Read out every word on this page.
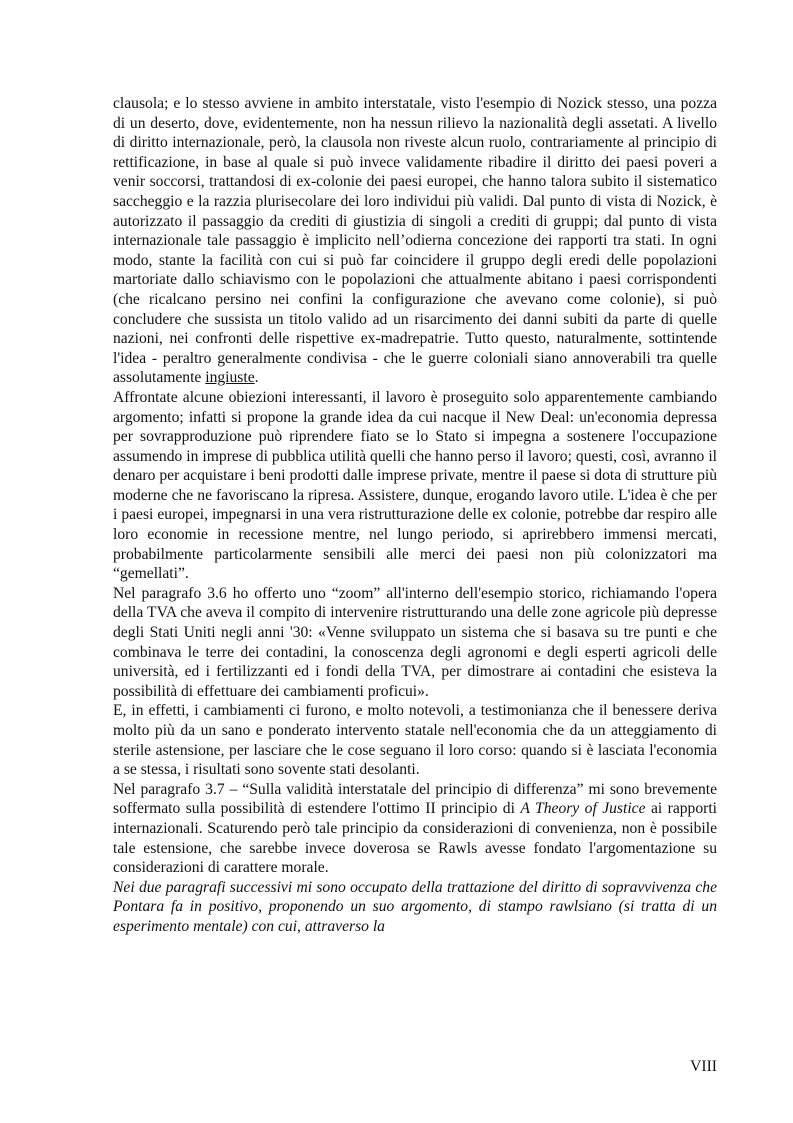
clausola; e lo stesso avviene in ambito interstatale, visto l'esempio di Nozick stesso, una pozza di un deserto, dove, evidentemente, non ha nessun rilievo la nazionalità degli assetati. A livello di diritto internazionale, però, la clausola non riveste alcun ruolo, contrariamente al principio di rettificazione, in base al quale si può invece validamente ribadire il diritto dei paesi poveri a venir soccorsi, trattandosi di ex-colonie dei paesi europei, che hanno talora subito il sistematico saccheggio e la razzia plurisecolare dei loro individui più validi. Dal punto di vista di Nozick, è autorizzato il passaggio da crediti di giustizia di singoli a crediti di gruppi; dal punto di vista internazionale tale passaggio è implicito nell’odierna concezione dei rapporti tra stati. In ogni modo, stante la facilità con cui si può far coincidere il gruppo degli eredi delle popolazioni martoriate dallo schiavismo con le popolazioni che attualmente abitano i paesi corrispondenti (che ricalcano persino nei confini la configurazione che avevano come colonie), si può concludere che sussista un titolo valido ad un risarcimento dei danni subiti da parte di quelle nazioni, nei confronti delle rispettive ex-madrepatrie. Tutto questo, naturalmente, sottintende l'idea - peraltro generalmente condivisa - che le guerre coloniali siano annoverabili tra quelle assolutamente ingiuste.

Affrontate alcune obiezioni interessanti, il lavoro è proseguito solo apparentemente cambiando argomento; infatti si propone la grande idea da cui nacque il New Deal: un'economia depressa per sovrapproduzione può riprendere fiato se lo Stato si impegna a sostenere l'occupazione assumendo in imprese di pubblica utilità quelli che hanno perso il lavoro; questi, così, avranno il denaro per acquistare i beni prodotti dalle imprese private, mentre il paese si dota di strutture più moderne che ne favoriscano la ripresa. Assistere, dunque, erogando lavoro utile. L'idea è che per i paesi europei, impegnarsi in una vera ristrutturazione delle ex colonie, potrebbe dar respiro alle loro economie in recessione mentre, nel lungo periodo, si aprirebbero immensi mercati, probabilmente particolarmente sensibili alle merci dei paesi non più colonizzatori ma “gemellati”.

Nel paragrafo 3.6 ho offerto uno “zoom” all'interno dell'esempio storico, richiamando l'opera della TVA che aveva il compito di intervenire ristrutturando una delle zone agricole più depresse degli Stati Uniti negli anni '30: «Venne sviluppato un sistema che si basava su tre punti e che combinava le terre dei contadini, la conoscenza degli agronomi e degli esperti agricoli delle università, ed i fertilizzanti ed i fondi della TVA, per dimostrare ai contadini che esisteva la possibilità di effettuare dei cambiamenti proficui».

E, in effetti, i cambiamenti ci furono, e molto notevoli, a testimonianza che il benessere deriva molto più da un sano e ponderato intervento statale nell'economia che da un atteggiamento di sterile astensione, per lasciare che le cose seguano il loro corso: quando si è lasciata l'economia a se stessa, i risultati sono sovente stati desolanti.

Nel paragrafo 3.7 – “Sulla validità interstatale del principio di differenza” mi sono brevemente soffermato sulla possibilità di estendere l'ottimo II principio di A Theory of Justice ai rapporti internazionali. Scaturendo però tale principio da considerazioni di convenienza, non è possibile tale estensione, che sarebbe invece doverosa se Rawls avesse fondato l'argomentazione su considerazioni di carattere morale.

Nei due paragrafi successivi mi sono occupato della trattazione del diritto di sopravvivenza che Pontara fa in positivo, proponendo un suo argomento, di stampo rawlsiano (si tratta di un esperimento mentale) con cui, attraverso la

VIII
